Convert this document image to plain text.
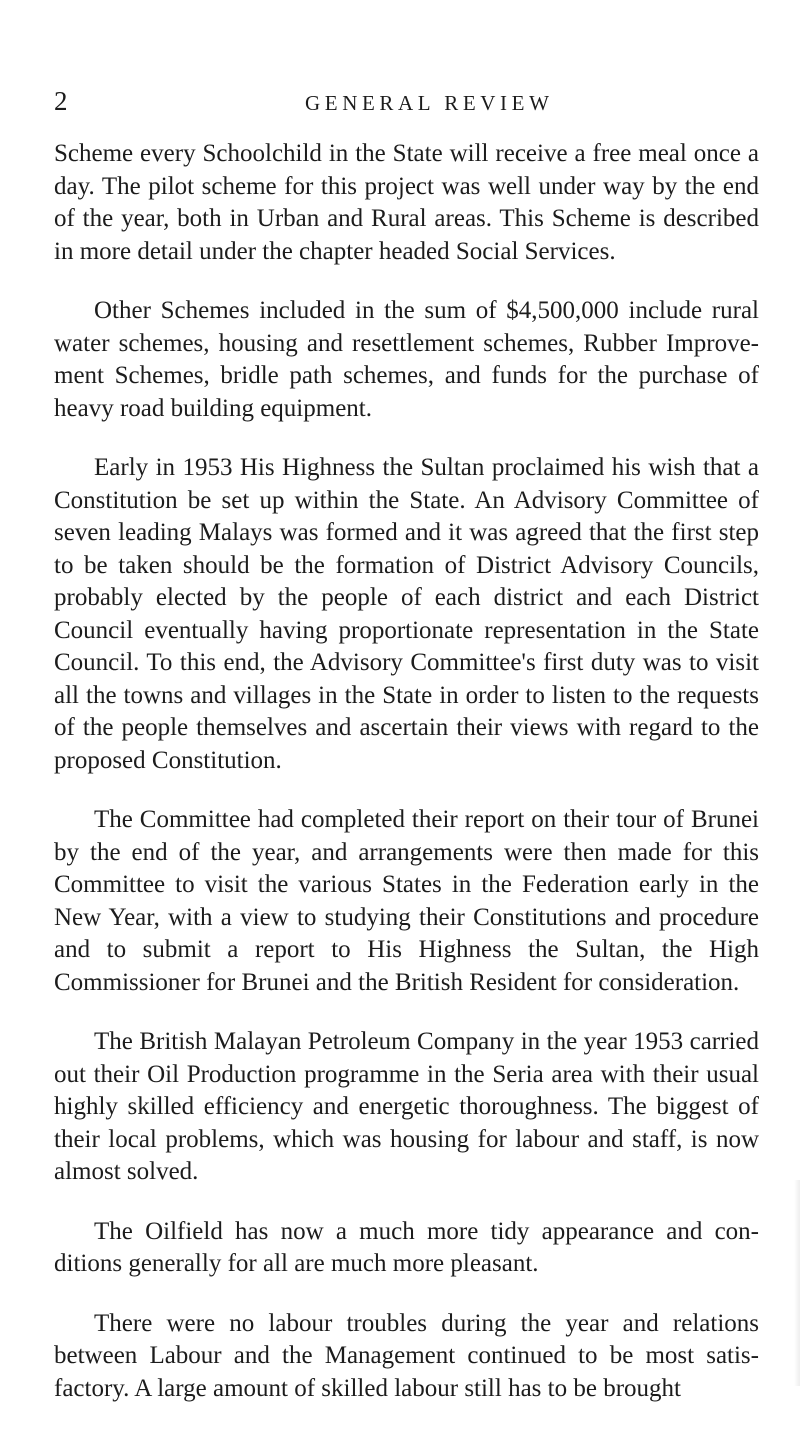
2	GENERAL REVIEW

Scheme every Schoolchild in the State will receive a free meal once a day. The pilot scheme for this project was well under way by the end of the year, both in Urban and Rural areas. This Scheme is described in more detail under the chapter headed Social Services.

Other Schemes included in the sum of $4,500,000 include rural water schemes, housing and resettlement schemes, Rubber Improvement Schemes, bridle path schemes, and funds for the purchase of heavy road building equipment.

Early in 1953 His Highness the Sultan proclaimed his wish that a Constitution be set up within the State. An Advisory Committee of seven leading Malays was formed and it was agreed that the first step to be taken should be the formation of District Advisory Councils, probably elected by the people of each district and each District Council eventually having proportionate representation in the State Council. To this end, the Advisory Committee's first duty was to visit all the towns and villages in the State in order to listen to the requests of the people themselves and ascertain their views with regard to the proposed Constitution.

The Committee had completed their report on their tour of Brunei by the end of the year, and arrangements were then made for this Committee to visit the various States in the Federation early in the New Year, with a view to studying their Constitutions and procedure and to submit a report to His Highness the Sultan, the High Commissioner for Brunei and the British Resident for consideration.

The British Malayan Petroleum Company in the year 1953 carried out their Oil Production programme in the Seria area with their usual highly skilled efficiency and energetic thoroughness. The biggest of their local problems, which was housing for labour and staff, is now almost solved.

The Oilfield has now a much more tidy appearance and conditions generally for all are much more pleasant.

There were no labour troubles during the year and relations between Labour and the Management continued to be most satisfactory. A large amount of skilled labour still has to be brought
